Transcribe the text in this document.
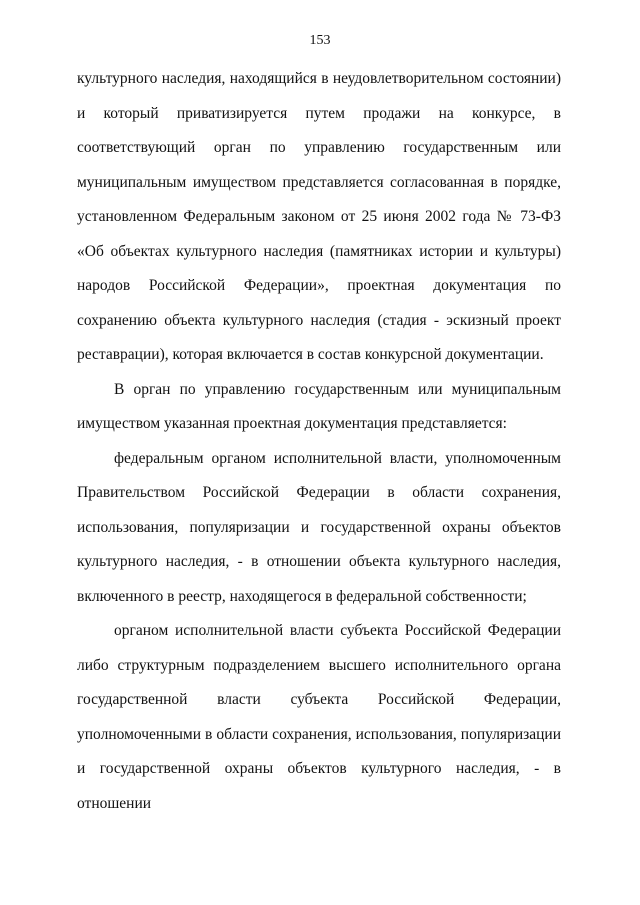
153

культурного наследия, находящийся в неудовлетворительном состоянии) и который приватизируется путем продажи на конкурсе, в соответствующий орган по управлению государственным или муниципальным имуществом представляется согласованная в порядке, установленном Федеральным законом от 25 июня 2002 года № 73-ФЗ «Об объектах культурного наследия (памятниках истории и культуры) народов Российской Федерации», проектная документация по сохранению объекта культурного наследия (стадия - эскизный проект реставрации), которая включается в состав конкурсной документации.

В орган по управлению государственным или муниципальным имуществом указанная проектная документация представляется:

федеральным органом исполнительной власти, уполномоченным Правительством Российской Федерации в области сохранения, использования, популяризации и государственной охраны объектов культурного наследия, - в отношении объекта культурного наследия, включенного в реестр, находящегося в федеральной собственности;

органом исполнительной власти субъекта Российской Федерации либо структурным подразделением высшего исполнительного органа государственной власти субъекта Российской Федерации, уполномоченными в области сохранения, использования, популяризации и государственной охраны объектов культурного наследия, - в отношении
